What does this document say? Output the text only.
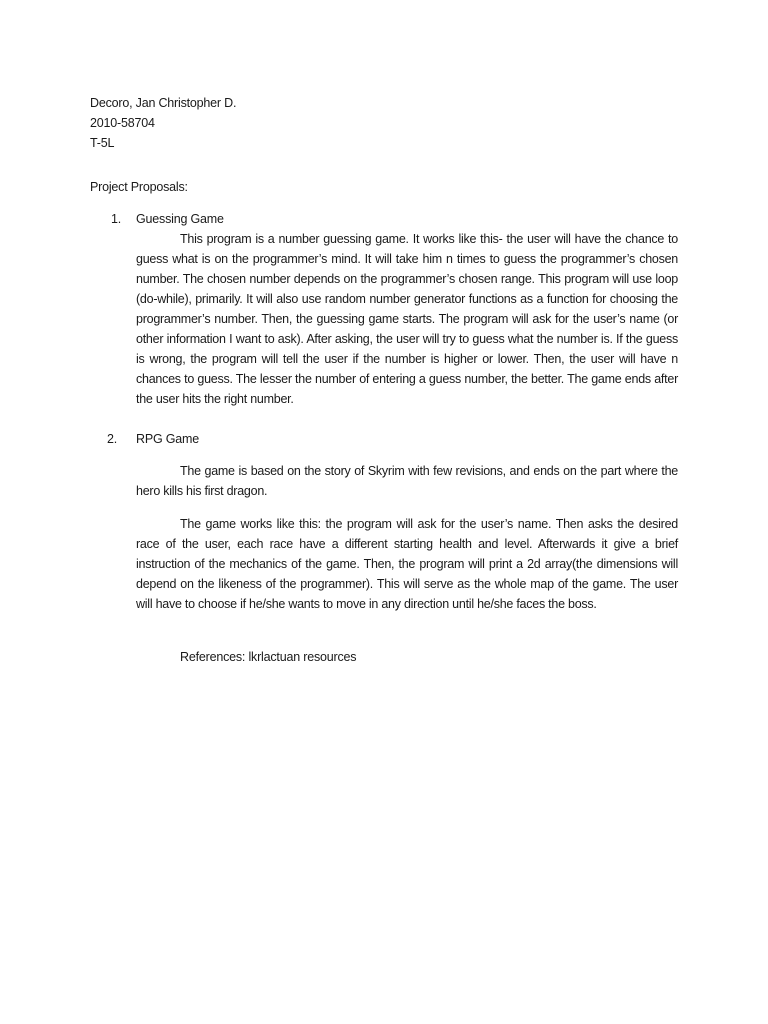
Decoro, Jan Christopher D.
2010-58704
T-5L
Project Proposals:
1. Guessing Game

This program is a number guessing game. It works like this- the user will have the chance to guess what is on the programmer’s mind. It will take him n times to guess the programmer’s chosen number. The chosen number depends on the programmer’s chosen range. This program will use loop (do-while), primarily. It will also use random number generator functions as a function for choosing the programmer’s number. Then, the guessing game starts. The program will ask for the user’s name (or other information I want to ask). After asking, the user will try to guess what the number is. If the guess is wrong, the program will tell the user if the number is higher or lower. Then, the user will have n chances to guess. The lesser the number of entering a guess number, the better. The game ends after the user hits the right number.

2. RPG Game

The game is based on the story of Skyrim with few revisions, and ends on the part where the hero kills his first dragon.

The game works like this: the program will ask for the user’s name. Then asks the desired race of the user, each race have a different starting health and level. Afterwards it give a brief instruction of the mechanics of the game. Then, the program will print a 2d array(the dimensions will depend on the likeness of the programmer). This will serve as the whole map of the game. The user will have to choose if he/she wants to move in any direction until he/she faces the boss.

References: lkrlactuan resources
